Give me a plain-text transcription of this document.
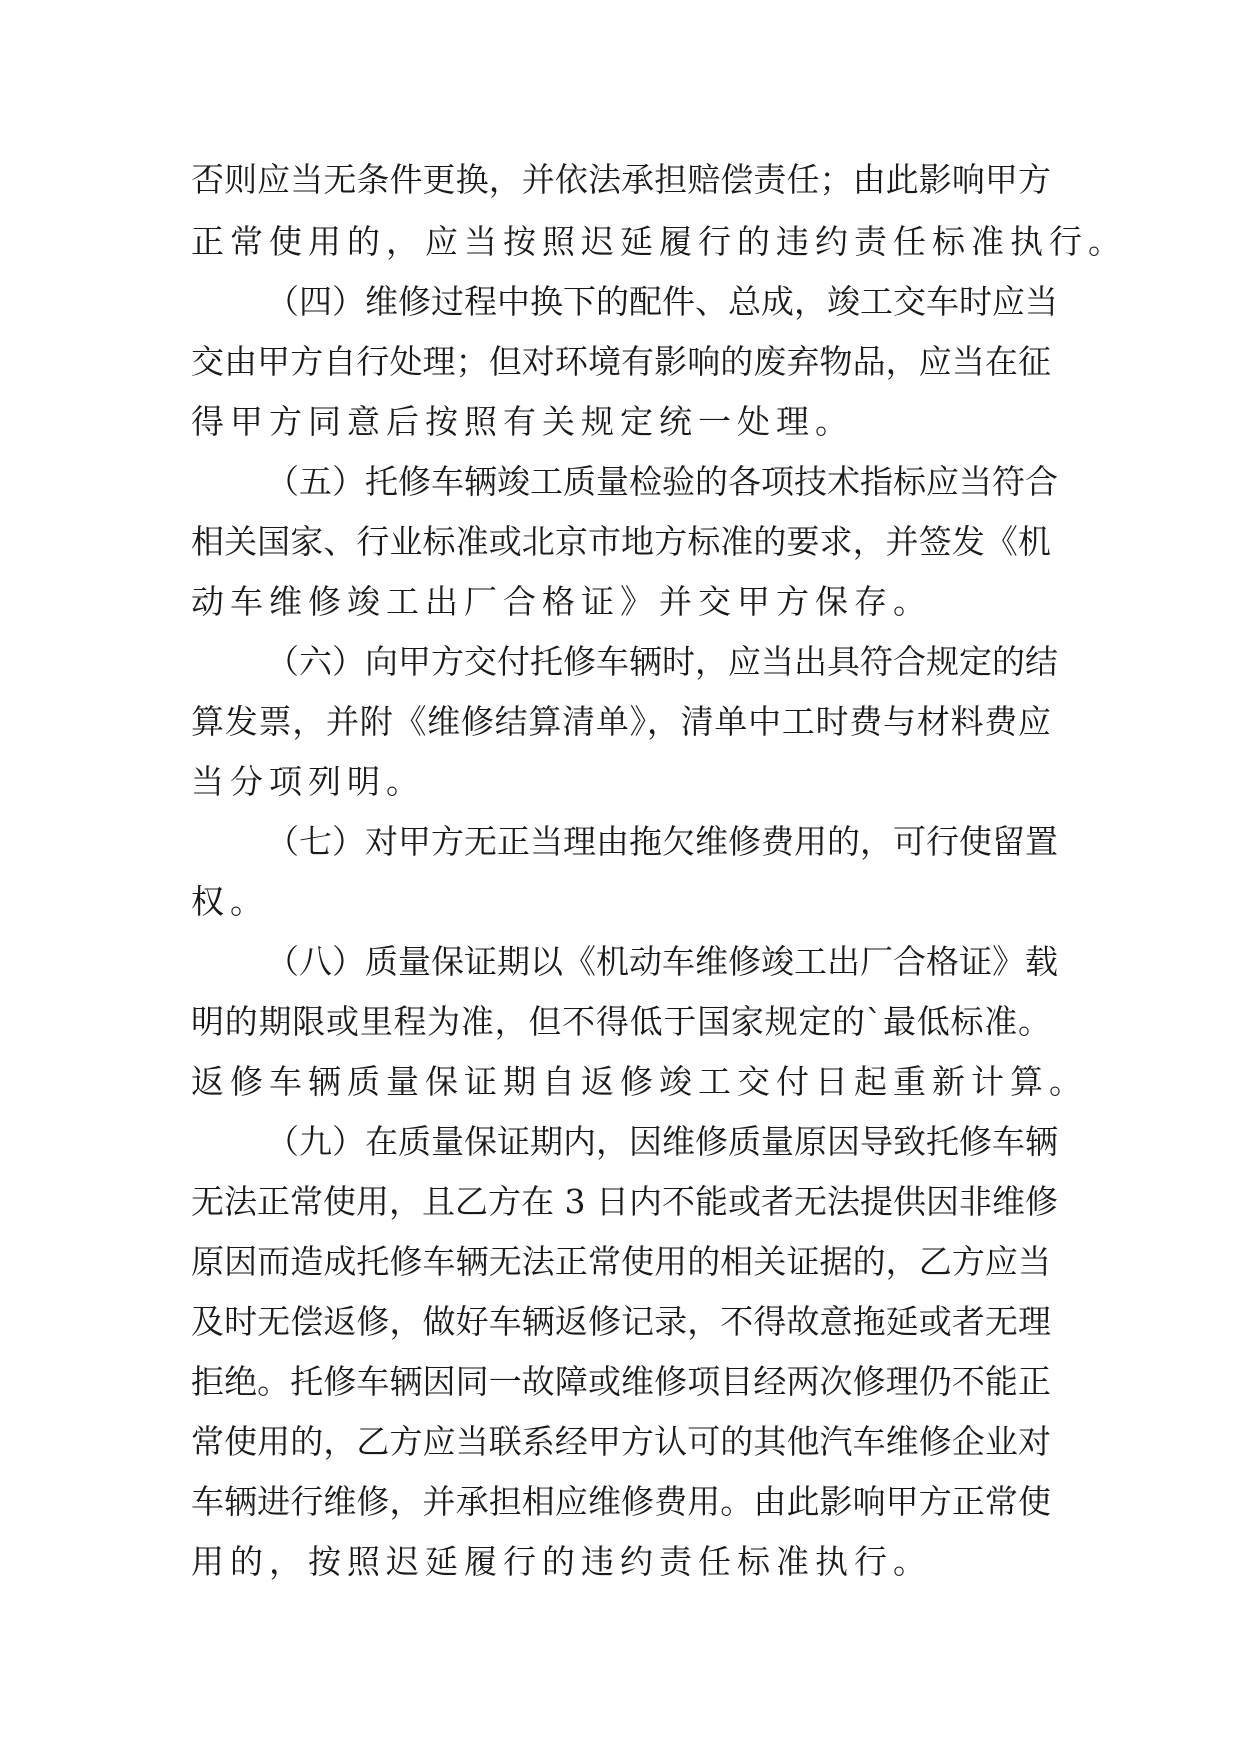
否则应当无条件更换，并依法承担赔偿责任；由此影响甲方
正常使用的，应当按照迟延履行的违约责任标准执行。
（四）维修过程中换下的配件、总成，竣工交车时应当
交由甲方自行处理；但对环境有影响的废弃物品，应当在征
得甲方同意后按照有关规定统一处理。
（五）托修车辆竣工质量检验的各项技术指标应当符合
相关国家、行业标准或北京市地方标准的要求，并签发《机
动车维修竣工出厂合格证》并交甲方保存。
（六）向甲方交付托修车辆时，应当出具符合规定的结
算发票，并附《维修结算清单》，清单中工时费与材料费应
当分项列明。
（七）对甲方无正当理由拖欠维修费用的，可行使留置
权。
（八）质量保证期以《机动车维修竣工出厂合格证》载
明的期限或里程为准，但不得低于国家规定的`最低标准。
返修车辆质量保证期自返修竣工交付日起重新计算。
（九）在质量保证期内，因维修质量原因导致托修车辆
无法正常使用，且乙方在 3 日内不能或者无法提供因非维修
原因而造成托修车辆无法正常使用的相关证据的，乙方应当
及时无偿返修，做好车辆返修记录，不得故意拖延或者无理
拒绝。托修车辆因同一故障或维修项目经两次修理仍不能正
常使用的，乙方应当联系经甲方认可的其他汽车维修企业对
车辆进行维修，并承担相应维修费用。由此影响甲方正常使
用的，按照迟延履行的违约责任标准执行。
